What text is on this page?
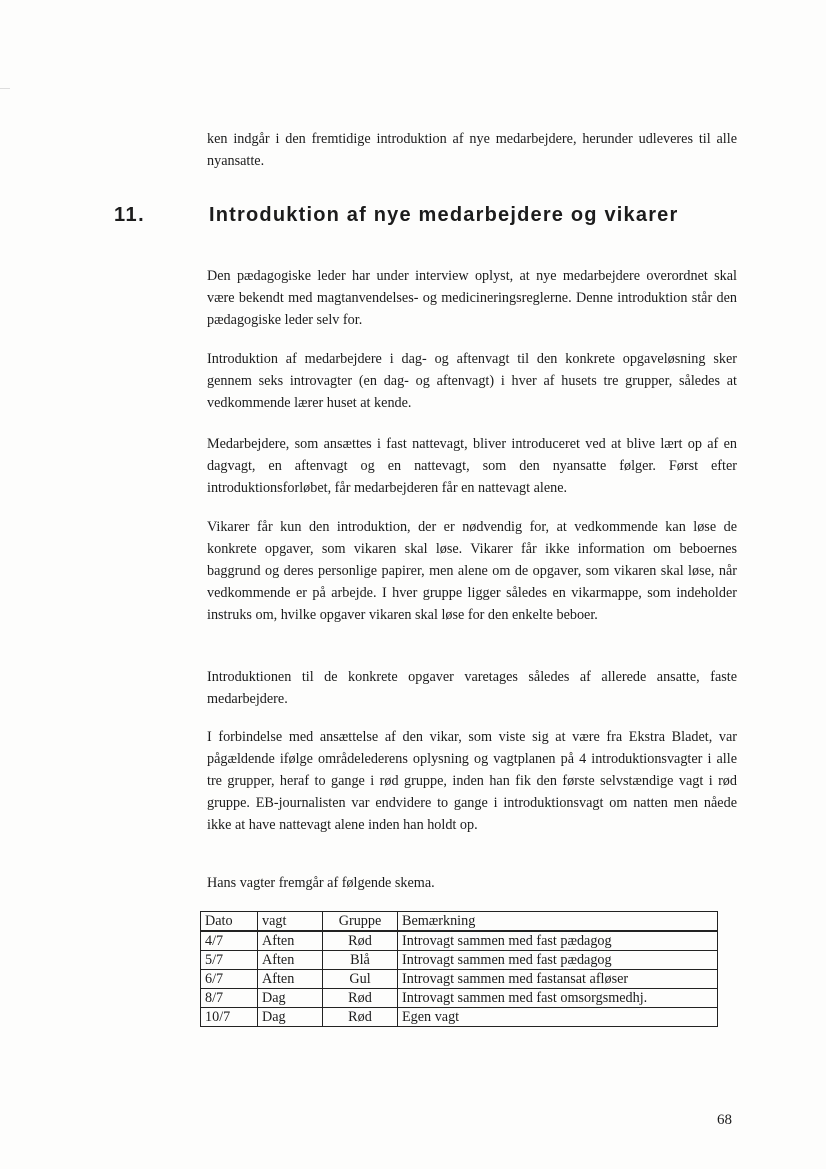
ken indgår i den fremtidige introduktion af nye medarbejdere, herunder udleveres til alle nyansatte.

11.	Introduktion af nye medarbejdere og vikarer

Den pædagogiske leder har under interview oplyst, at nye medarbejdere overordnet skal være bekendt med magtanvendelses- og medicineringsreglerne. Denne introduktion står den pædagogiske leder selv for.

Introduktion af medarbejdere i dag- og aftenvagt til den konkrete opgaveløsning sker gennem seks introvagter (en dag- og aftenvagt) i hver af husets tre grupper, således at vedkommende lærer huset at kende.

Medarbejdere, som ansættes i fast nattevagt, bliver introduceret ved at blive lært op af en dagvagt, en aftenvagt og en nattevagt, som den nyansatte følger. Først efter introduktionsforløbet, får medarbejderen får en nattevagt alene.

Vikarer får kun den introduktion, der er nødvendig for, at vedkommende kan løse de konkrete opgaver, som vikaren skal løse. Vikarer får ikke information om beboernes baggrund og deres personlige papirer, men alene om de opgaver, som vikaren skal løse, når vedkommende er på arbejde. I hver gruppe ligger således en vikarmappe, som indeholder instruks om, hvilke opgaver vikaren skal løse for den enkelte beboer.

Introduktionen til de konkrete opgaver varetages således af allerede ansatte, faste medarbejdere.

I forbindelse med ansættelse af den vikar, som viste sig at være fra Ekstra Bladet, var pågældende ifølge områdelederens oplysning og vagtplanen på 4 introduktionsvagter i alle tre grupper, heraf to gange i rød gruppe, inden han fik den første selvstændige vagt i rød gruppe. EB-journalisten var endvidere to gange i introduktionsvagt om natten men nåede ikke at have nattevagt alene inden han holdt op.

Hans vagter fremgår af følgende skema.

Dato	vagt	Gruppe	Bemærkning
4/7	Aften	Rød	Introvagt sammen med fast pædagog
5/7	Aften	Blå	Introvagt sammen med fast pædagog
6/7	Aften	Gul	Introvagt sammen med fastansat afløser
8/7	Dag	Rød	Introvagt sammen med fast omsorgsmedhj.
10/7	Dag	Rød	Egen vagt
68
